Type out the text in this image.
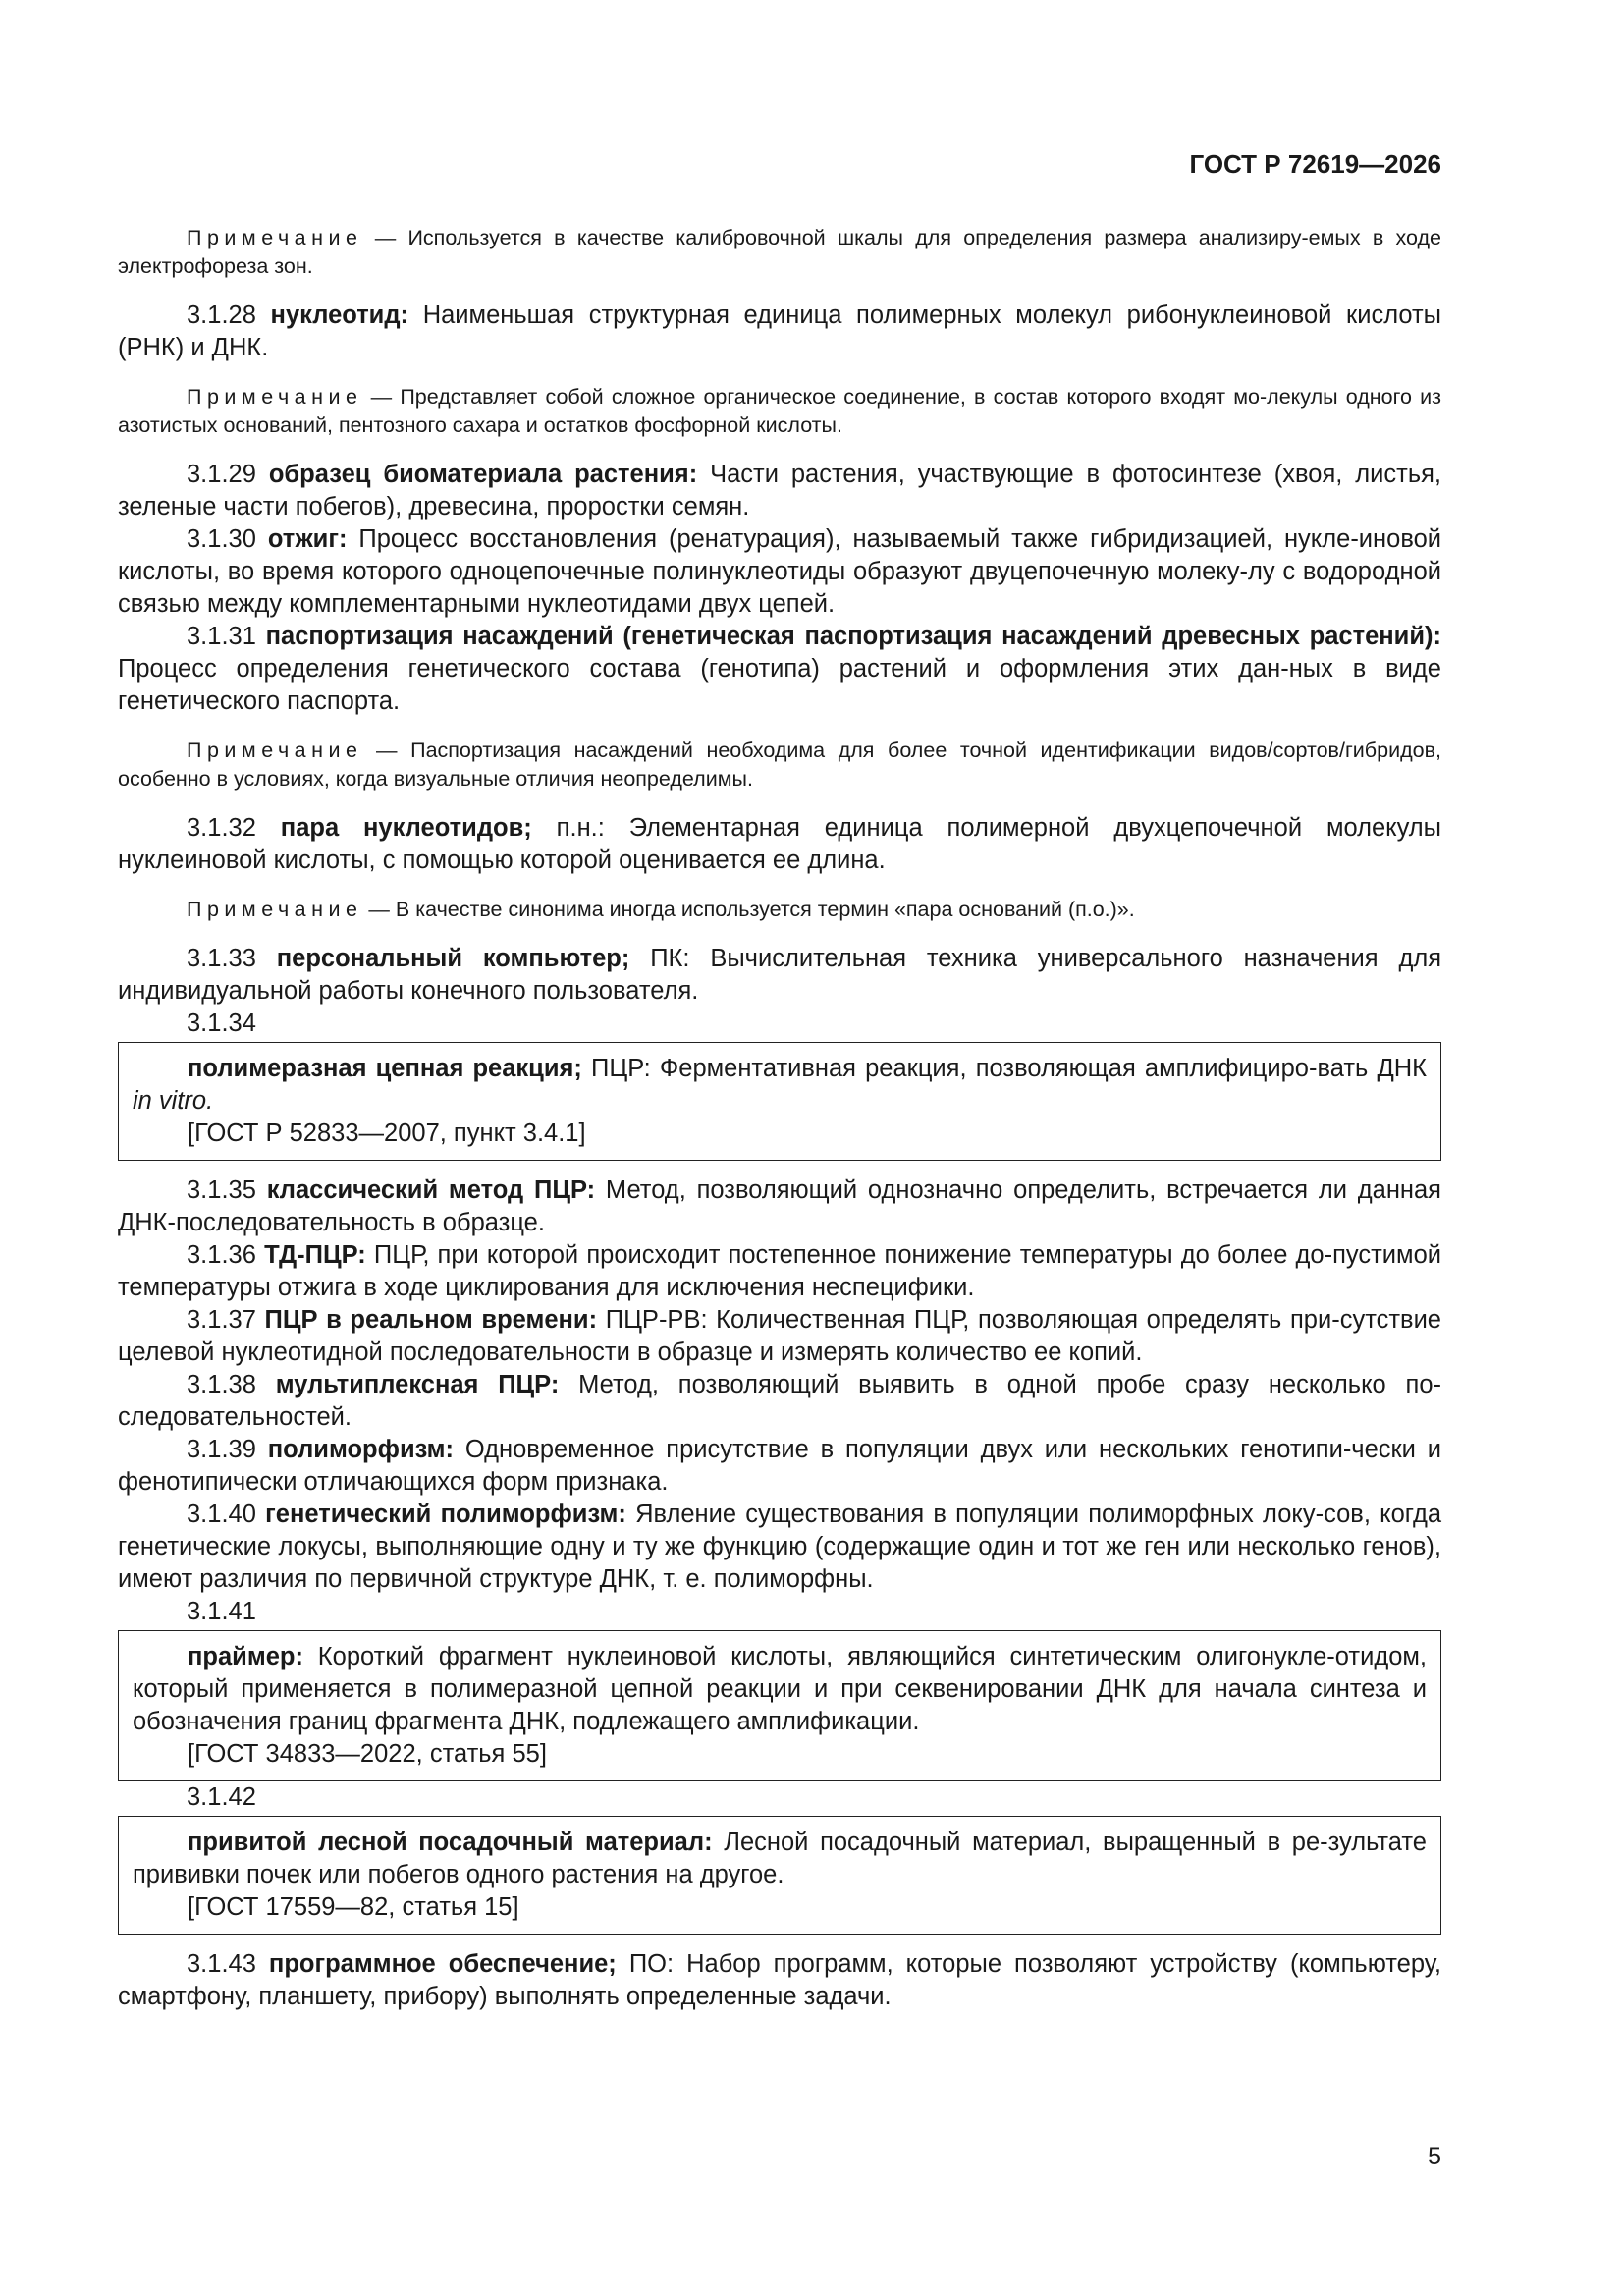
ГОСТ Р 72619—2026

Примечание — Используется в качестве калибровочной шкалы для определения размера анализиру-емых в ходе электрофореза зон.

3.1.28 нуклеотид: Наименьшая структурная единица полимерных молекул рибонуклеиновой кислоты (РНК) и ДНК.

Примечание — Представляет собой сложное органическое соединение, в состав которого входят мо-лекулы одного из азотистых оснований, пентозного сахара и остатков фосфорной кислоты.

3.1.29 образец биоматериала растения: Части растения, участвующие в фотосинтезе (хвоя, листья, зеленые части побегов), древесина, проростки семян.

3.1.30 отжиг: Процесс восстановления (ренатурация), называемый также гибридизацией, нукле-иновой кислоты, во время которого одноцепочечные полинуклеотиды образуют двуцепочечную молеку-лу с водородной связью между комплементарными нуклеотидами двух цепей.

3.1.31 паспортизация насаждений (генетическая паспортизация насаждений древесных растений): Процесс определения генетического состава (генотипа) растений и оформления этих дан-ных в виде генетического паспорта.

Примечание — Паспортизация насаждений необходима для более точной идентификации видов/сортов/гибридов, особенно в условиях, когда визуальные отличия неопределимы.

3.1.32 пара нуклеотидов; п.н.: Элементарная единица полимерной двухцепочечной молекулы нуклеиновой кислоты, с помощью которой оценивается ее длина.

Примечание — В качестве синонима иногда используется термин «пара оснований (п.о.)».

3.1.33 персональный компьютер; ПК: Вычислительная техника универсального назначения для индивидуальной работы конечного пользователя.

3.1.34

полимеразная цепная реакция; ПЦР: Ферментативная реакция, позволяющая амплифициро-вать ДНК in vitro.

[ГОСТ Р 52833—2007, пункт 3.4.1]

3.1.35 классический метод ПЦР: Метод, позволяющий однозначно определить, встречается ли данная ДНК-последовательность в образце.

3.1.36 ТД-ПЦР: ПЦР, при которой происходит постепенное понижение температуры до более до-пустимой температуры отжига в ходе циклирования для исключения неспецифики.

3.1.37 ПЦР в реальном времени: ПЦР-РВ: Количественная ПЦР, позволяющая определять при-сутствие целевой нуклеотидной последовательности в образце и измерять количество ее копий.

3.1.38 мультиплексная ПЦР: Метод, позволяющий выявить в одной пробе сразу несколько по-следовательностей.

3.1.39 полиморфизм: Одновременное присутствие в популяции двух или нескольких генотипи-чески и фенотипически отличающихся форм признака.

3.1.40 генетический полиморфизм: Явление существования в популяции полиморфных локу-сов, когда генетические локусы, выполняющие одну и ту же функцию (содержащие один и тот же ген или несколько генов), имеют различия по первичной структуре ДНК, т. е. полиморфны.

3.1.41

праймер: Короткий фрагмент нуклеиновой кислоты, являющийся синтетическим олигонукле-отидом, который применяется в полимеразной цепной реакции и при секвенировании ДНК для начала синтеза и обозначения границ фрагмента ДНК, подлежащего амплификации.

[ГОСТ 34833—2022, статья 55]

3.1.42

привитой лесной посадочный материал: Лесной посадочный материал, выращенный в ре-зультате прививки почек или побегов одного растения на другое.

[ГОСТ 17559—82, статья 15]

3.1.43 программное обеспечение; ПО: Набор программ, которые позволяют устройству (компьютеру, смартфону, планшету, прибору) выполнять определенные задачи.

5
